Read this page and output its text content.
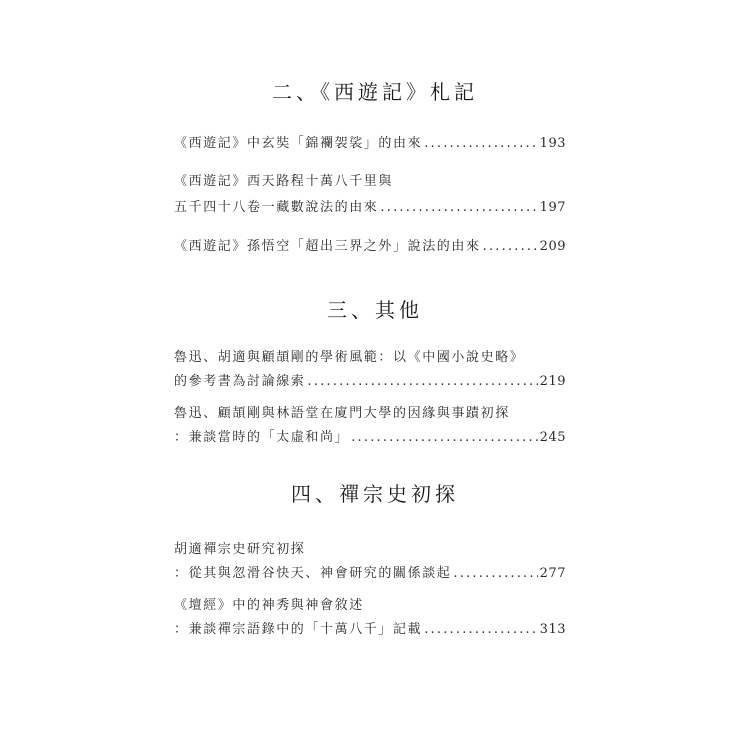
二、《西遊記》札記
《西遊記》中玄奘「錦襴袈裟」的由來 .....	193
《西遊記》西天路程十萬八千里與
五千四十八卷一藏數說法的由來 .....	197
《西遊記》孫悟空「超出三界之外」說法的由來 .....	209
三、其他
魯迅、胡適與顧頡剛的學術風範：以《中國小說史略》
的參考書為討論線索 .....	219
魯迅、顧頡剛與林語堂在廈門大學的因緣與事蹟初探
：兼談當時的「太虛和尚」 .....	245
四、禪宗史初探
胡適禪宗史研究初探
：從其與忽滑谷快天、神會研究的關係談起 .....	277
《壇經》中的神秀與神會敘述
：兼談禪宗語錄中的「十萬八千」記載 .....	313
